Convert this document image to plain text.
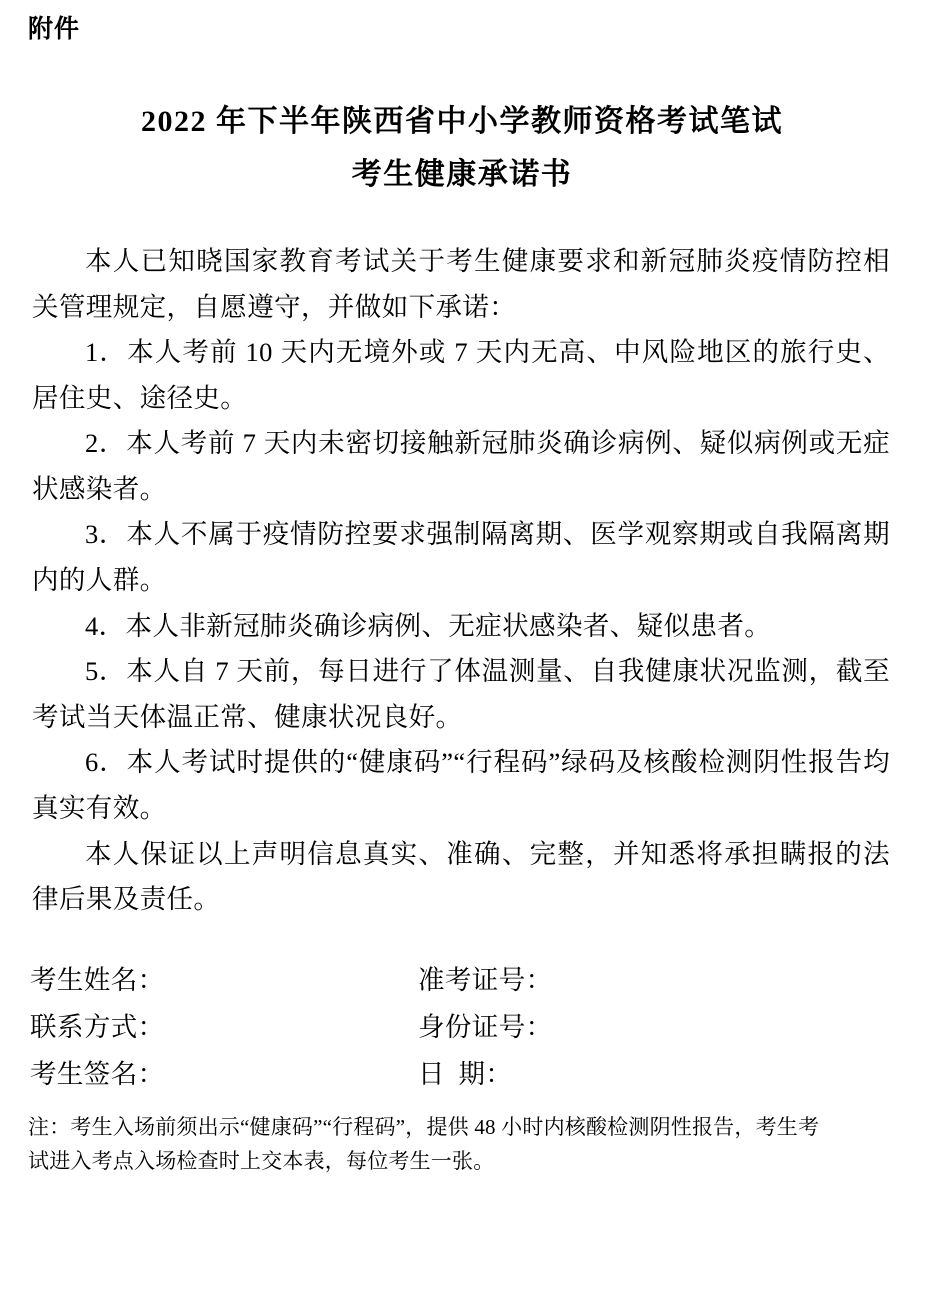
附件
2022 年下半年陕西省中小学教师资格考试笔试
考生健康承诺书

本人已知晓国家教育考试关于考生健康要求和新冠肺炎疫情防控相关管理规定，自愿遵守，并做如下承诺：

1．本人考前 10 天内无境外或 7 天内无高、中风险地区的旅行史、居住史、途径史。

2．本人考前 7 天内未密切接触新冠肺炎确诊病例、疑似病例或无症状感染者。

3．本人不属于疫情防控要求强制隔离期、医学观察期或自我隔离期内的人群。

4．本人非新冠肺炎确诊病例、无症状感染者、疑似患者。

5．本人自 7 天前，每日进行了体温测量、自我健康状况监测，截至考试当天体温正常、健康状况良好。

6．本人考试时提供的“健康码”“行程码”绿码及核酸检测阴性报告均真实有效。

本人保证以上声明信息真实、准确、完整，并知悉将承担瞒报的法律后果及责任。

考生姓名：	准考证号：
联系方式：	身份证号：
考生签名：	日期：
注：考生入场前须出示“健康码”“行程码”，提供 48 小时内核酸检测阴性报告，考生考
试进入考点入场检查时上交本表，每位考生一张。
